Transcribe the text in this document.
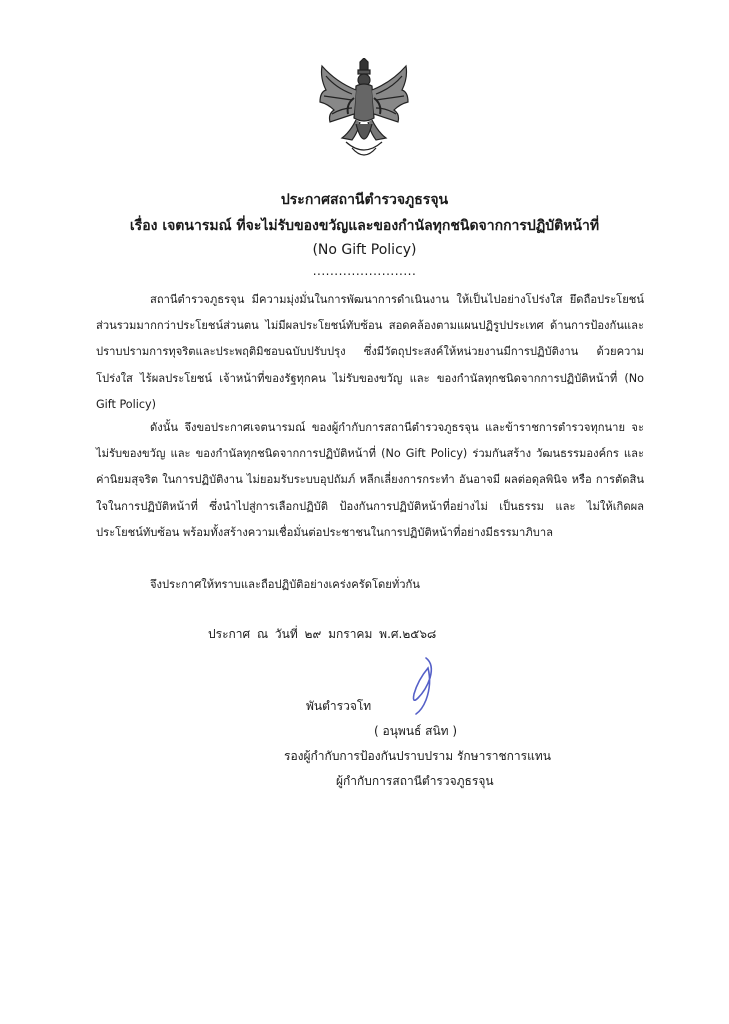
ประกาศสถานีตำรวจภูธรจุน
เรื่อง เจตนารมณ์ ที่จะไม่รับของขวัญและของกำนัลทุกชนิดจากการปฏิบัติหน้าที่
(No Gift Policy)
........................
สถานีตำรวจภูธรจุน มีความมุ่งมั่นในการพัฒนาการดำเนินงาน ให้เป็นไปอย่างโปร่งใส ยึดถือประโยชน์ส่วนรวมมากกว่าประโยชน์ส่วนตน ไม่มีผลประโยชน์ทับซ้อน สอดคล้องตามแผนปฏิรูปประเทศ ด้านการป้องกันและปราบปรามการทุจริตและประพฤติมิชอบฉบับปรับปรุง ซึ่งมีวัตถุประสงค์ให้หน่วยงานมีการปฏิบัติงาน ด้วยความโปร่งใส ไร้ผลประโยชน์ เจ้าหน้าที่ของรัฐทุกคน ไม่รับของขวัญ และ ของกำนัลทุกชนิดจากการปฏิบัติหน้าที่ (No Gift Policy)
ดังนั้น จึงขอประกาศเจตนารมณ์ ของผู้กำกับการสถานีตำรวจภูธรจุน และข้าราชการตำรวจทุกนาย จะไม่รับของขวัญ และ ของกำนัลทุกชนิดจากการปฏิบัติหน้าที่ (No Gift Policy) ร่วมกันสร้าง วัฒนธรรมองค์กร และ ค่านิยมสุจริต ในการปฏิบัติงาน ไม่ยอมรับระบบอุปถัมภ์ หลีกเลี่ยงการกระทำ อันอาจมี ผลต่อดุลพินิจ หรือ การตัดสินใจในการปฏิบัติหน้าที่ ซึ่งนำไปสู่การเลือกปฏิบัติ ป้องกันการปฏิบัติหน้าที่อย่างไม่ เป็นธรรม และ ไม่ให้เกิดผลประโยชน์ทับซ้อน พร้อมทั้งสร้างความเชื่อมั่นต่อประชาชนในการปฏิบัติหน้าที่อย่างมีธรรมาภิบาล
จึงประกาศให้ทราบและถือปฏิบัติอย่างเคร่งครัดโดยทั่วกัน
ประกาศ ณ วันที่ ๒๙ มกราคม พ.ศ.๒๕๖๘
พันตำรวจโท
( อนุพนธ์ สนิท )
รองผู้กำกับการป้องกันปราบปราม รักษาราชการแทน
ผู้กำกับการสถานีตำรวจภูธรจุน
